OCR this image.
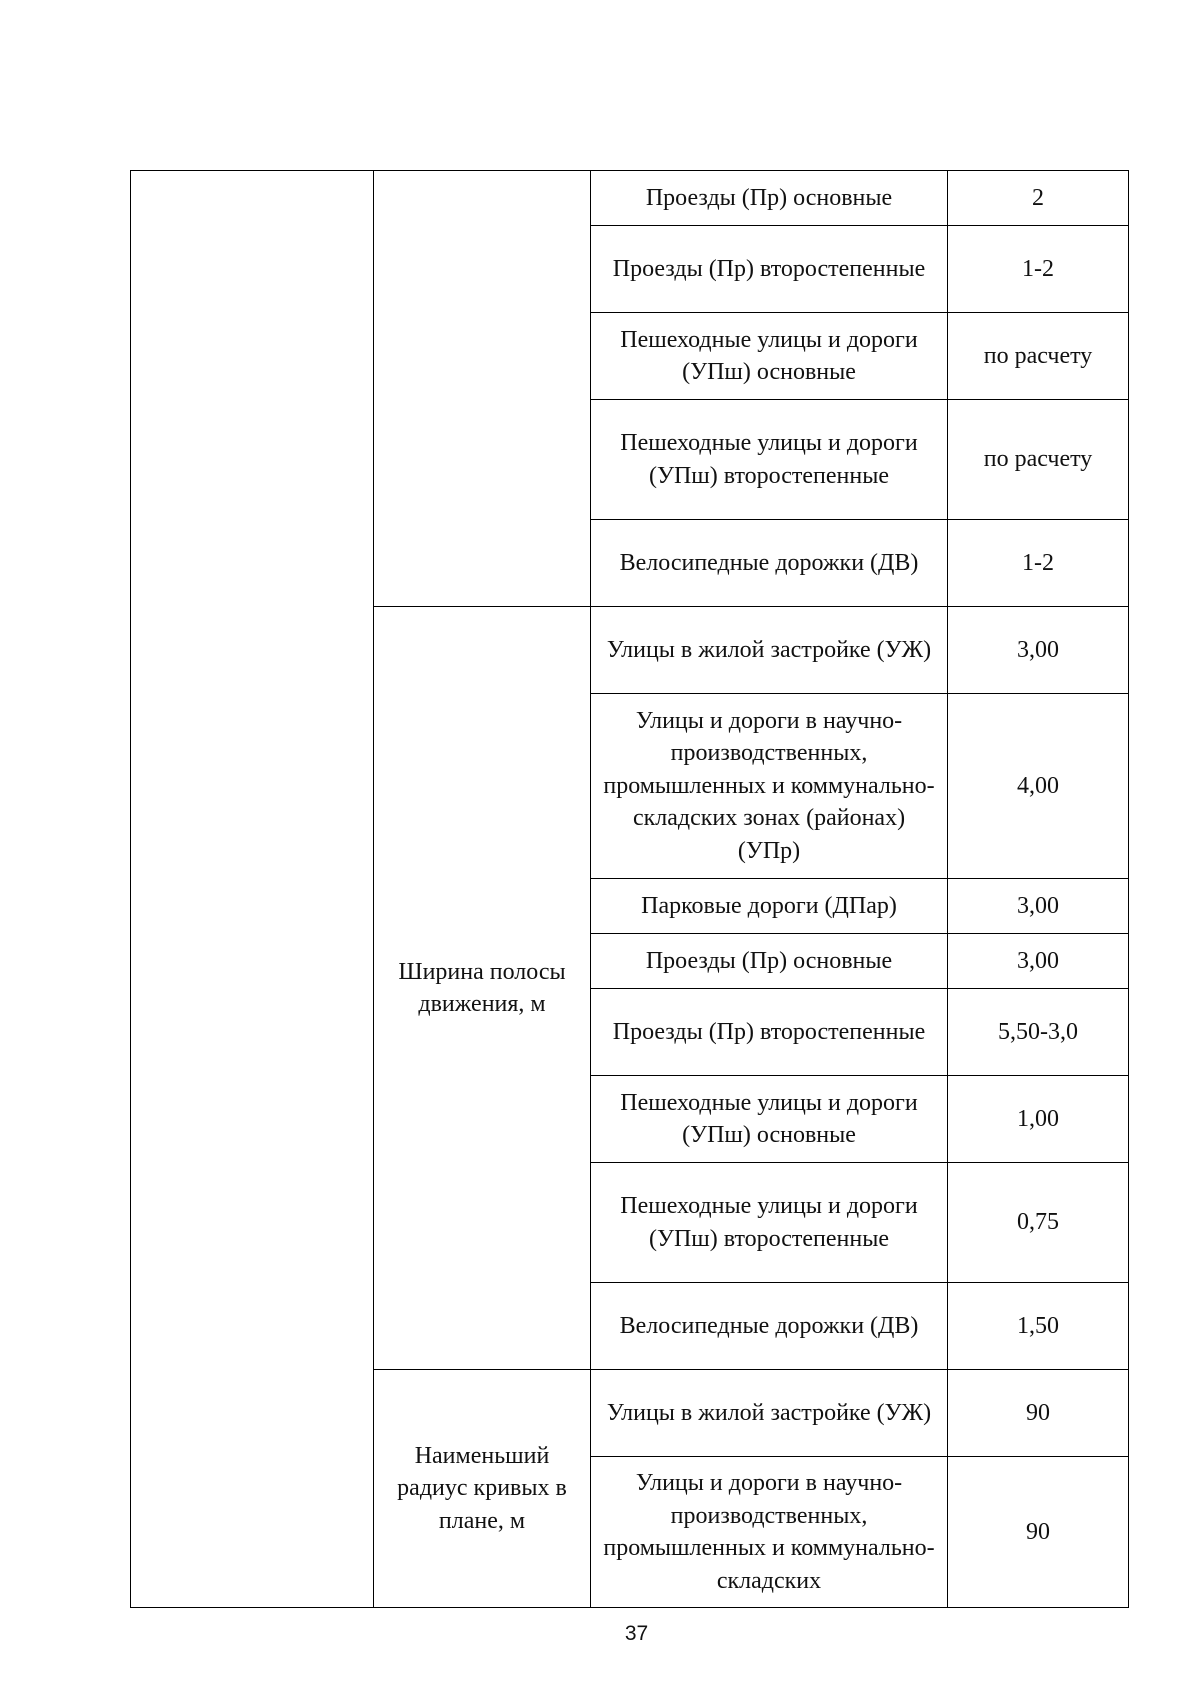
		Проезды (Пр) основные	2
		Проезды (Пр) второстепенные	1-2
		Пешеходные улицы и дороги (УПш) основные	по расчету
		Пешеходные улицы и дороги (УПш) второстепенные	по расчету
		Велосипедные дорожки (ДВ)	1-2
	Ширина полосы движения, м	Улицы в жилой застройке (УЖ)	3,00
		Улицы и дороги в научно-производственных, промышленных и коммунально-складских зонах (районах) (УПр)	4,00
		Парковые дороги (ДПар)	3,00
		Проезды (Пр) основные	3,00
		Проезды (Пр) второстепенные	5,50-3,0
		Пешеходные улицы и дороги (УПш) основные	1,00
		Пешеходные улицы и дороги (УПш) второстепенные	0,75
		Велосипедные дорожки (ДВ)	1,50
	Наименьший радиус кривых в плане, м	Улицы в жилой застройке (УЖ)	90
		Улицы и дороги в научно-производственных, промышленных и коммунально-складских	90
37
